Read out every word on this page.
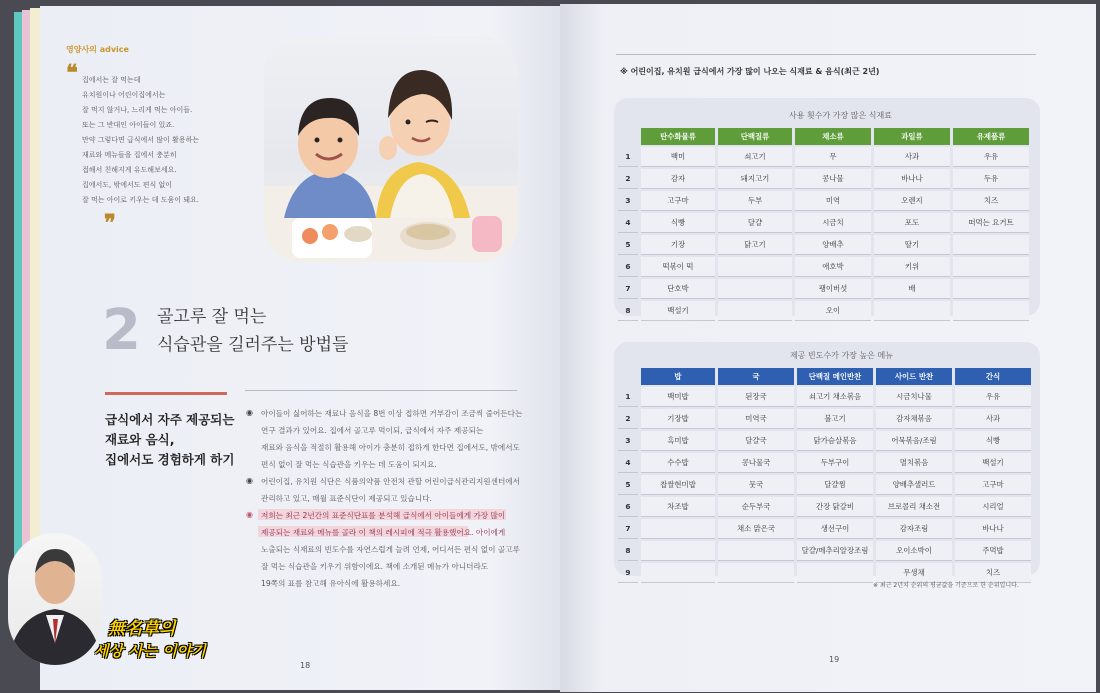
영양사의 advice
❝ 집에서는 잘 먹는데
유치원이나 어린이집에서는
잘 먹지 않거나, 느리게 먹는 아이들.
또는 그 반대인 아이들이 있죠.
만약 그렇다면 급식에서 많이 활용하는
재료와 메뉴들을 집에서 충분히
접해서 친해지게 유도해보세요.
집에서도, 밖에서도 편식 없이
잘 먹는 아이로 키우는 데 도움이 돼요.
❞
2 골고루 잘 먹는
식습관을 길러주는 방법들
급식에서 자주 제공되는
재료와 음식,
집에서도 경험하게 하기
◉ 아이들이 싫어하는 재료나 음식을 8번 이상 접하면 거부감이 조금씩 줄어든다는
연구 결과가 있어요. 집에서 골고루 먹이되, 급식에서 자주 제공되는
재료와 음식을 적절히 활용해 아이가 충분히 접하게 한다면 집에서도, 밖에서도
편식 없이 잘 먹는 식습관을 키우는 데 도움이 되지요.
◉ 어린이집, 유치원 식단은 식품의약품 안전처 관할 어린이급식관리지원센터에서
관리하고 있고, 매월 표준식단이 제공되고 있습니다.
◉ 저희는 최근 2년간의 표준식단표를 분석해 급식에서 아이들에게 가장 많이
제공되는 재료와 메뉴를 골라 이 책의 레시피에 적극 활용했어요. 아이에게
노출되는 식재료의 빈도수를 자연스럽게 늘려 언제, 어디서든 편식 없이 골고루
잘 먹는 식습관을 키우기 위함이에요. 책에 소개된 메뉴가 아니더라도
19쪽의 표를 참고해 유아식에 활용하세요.
18
無名草의
세상 사는 이야기
※ 어린이집, 유치원 급식에서 가장 많이 나오는 식재료 & 음식(최근 2년)
사용 횟수가 가장 많은 식재료
	탄수화물류	단백질류	채소류	과일류	유제품류
1	백미	쇠고기	무	사과	우유
2	감자	돼지고기	콩나물	바나나	두유
3	고구마	두부	미역	오렌지	치즈
4	식빵	달걀	시금치	포도	떠먹는 요거트
5	기장	닭고기	양배추	딸기	
6	떡볶이 떡		애호박	키위	
7	단호박		팽이버섯	배	
8	백설기		오이		
제공 빈도수가 가장 높은 메뉴
	밥	국	단백질 메인반찬	사이드 반찬	간식
1	백미밥	된장국	쇠고기 채소볶음	시금치나물	우유
2	기장밥	미역국	불고기	감자채볶음	사과
3	흑미밥	달걀국	닭가슴살볶음	어묵볶음/조림	식빵
4	수수밥	콩나물국	두부구이	멸치볶음	백설기
5	찹쌀현미밥	뭇국	달걀찜	양배추샐러드	고구마
6	차조밥	순두부국	간장 닭갈비	브로콜리 채소전	시리얼
7		채소 맑은국	생선구이	감자조림	바나나
8			달걀/메추리알장조림	오이소박이	주먹밥
9				무생채	치즈
※ 최근 2년치 순위의 평균값을 기준으로 한 순위입니다.
19
